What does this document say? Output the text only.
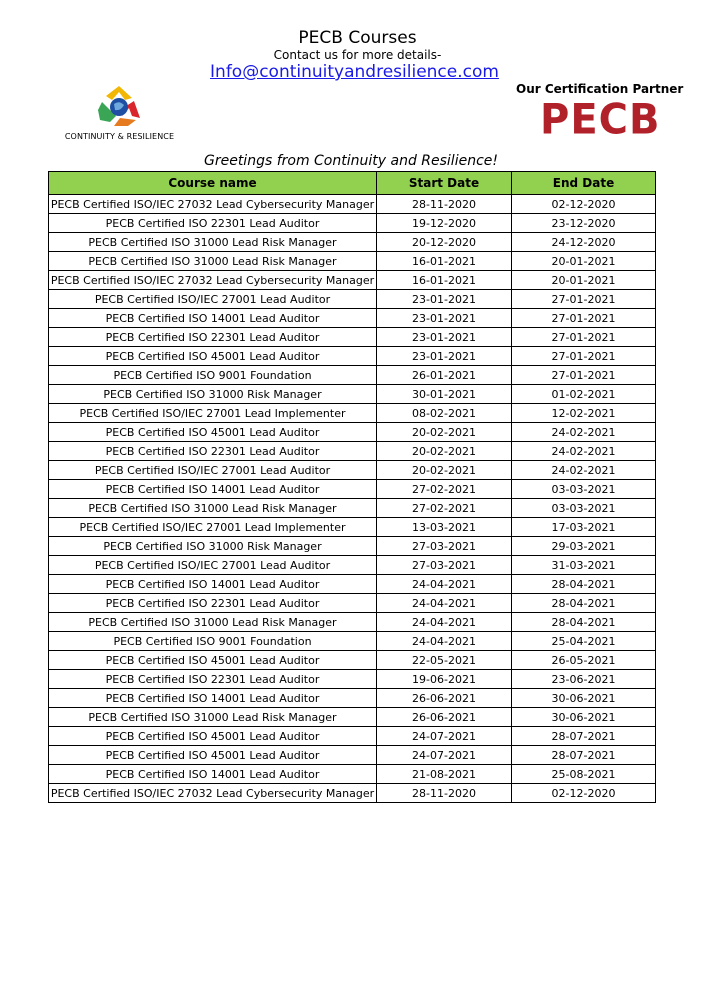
PECB Courses
Contact us for more details-
Info@continuityandresilience.com
CONTINUITY & RESILIENCE
Our Certification Partner
PECB
Greetings from Continuity and Resilience!
Course name	Start Date	End Date
PECB Certified ISO/IEC 27032 Lead Cybersecurity Manager	28-11-2020	02-12-2020
PECB Certified ISO 22301 Lead Auditor	19-12-2020	23-12-2020
PECB Certified ISO 31000 Lead Risk Manager	20-12-2020	24-12-2020
PECB Certified ISO 31000 Lead Risk Manager	16-01-2021	20-01-2021
PECB Certified ISO/IEC 27032 Lead Cybersecurity Manager	16-01-2021	20-01-2021
PECB Certified ISO/IEC 27001 Lead Auditor	23-01-2021	27-01-2021
PECB Certified ISO 14001 Lead Auditor	23-01-2021	27-01-2021
PECB Certified ISO 22301 Lead Auditor	23-01-2021	27-01-2021
PECB Certified ISO 45001 Lead Auditor	23-01-2021	27-01-2021
PECB Certified ISO 9001 Foundation	26-01-2021	27-01-2021
PECB Certified ISO 31000 Risk Manager	30-01-2021	01-02-2021
PECB Certified ISO/IEC 27001 Lead Implementer	08-02-2021	12-02-2021
PECB Certified ISO 45001 Lead Auditor	20-02-2021	24-02-2021
PECB Certified ISO 22301 Lead Auditor	20-02-2021	24-02-2021
PECB Certified ISO/IEC 27001 Lead Auditor	20-02-2021	24-02-2021
PECB Certified ISO 14001 Lead Auditor	27-02-2021	03-03-2021
PECB Certified ISO 31000 Lead Risk Manager	27-02-2021	03-03-2021
PECB Certified ISO/IEC 27001 Lead Implementer	13-03-2021	17-03-2021
PECB Certified ISO 31000 Risk Manager	27-03-2021	29-03-2021
PECB Certified ISO/IEC 27001 Lead Auditor	27-03-2021	31-03-2021
PECB Certified ISO 14001 Lead Auditor	24-04-2021	28-04-2021
PECB Certified ISO 22301 Lead Auditor	24-04-2021	28-04-2021
PECB Certified ISO 31000 Lead Risk Manager	24-04-2021	28-04-2021
PECB Certified ISO 9001 Foundation	24-04-2021	25-04-2021
PECB Certified ISO 45001 Lead Auditor	22-05-2021	26-05-2021
PECB Certified ISO 22301 Lead Auditor	19-06-2021	23-06-2021
PECB Certified ISO 14001 Lead Auditor	26-06-2021	30-06-2021
PECB Certified ISO 31000 Lead Risk Manager	26-06-2021	30-06-2021
PECB Certified ISO 45001 Lead Auditor	24-07-2021	28-07-2021
PECB Certified ISO 45001 Lead Auditor	24-07-2021	28-07-2021
PECB Certified ISO 14001 Lead Auditor	21-08-2021	25-08-2021
PECB Certified ISO/IEC 27032 Lead Cybersecurity Manager	28-11-2020	02-12-2020
